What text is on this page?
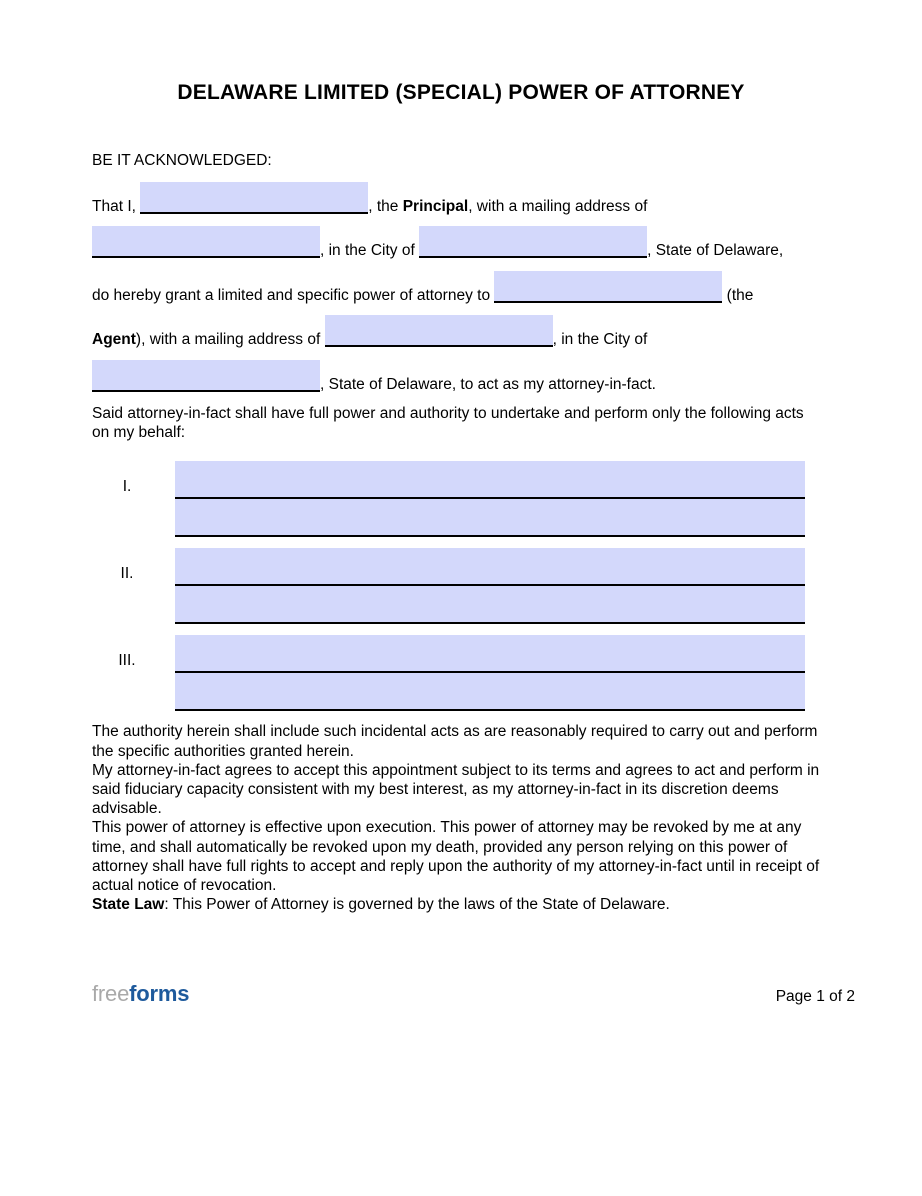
DELAWARE LIMITED (SPECIAL) POWER OF ATTORNEY
BE IT ACKNOWLEDGED:
That I,	, the Principal, with a mailing address of
, in the City of	, State of Delaware,
do hereby grant a limited and specific power of attorney to	(the
Agent), with a mailing address of	, in the City of
, State of Delaware, to act as my attorney-in-fact.

Said attorney-in-fact shall have full power and authority to undertake and perform only the following acts on my behalf:

I.
II.
III.

The authority herein shall include such incidental acts as are reasonably required to carry out and perform the specific authorities granted herein.

My attorney-in-fact agrees to accept this appointment subject to its terms and agrees to act and perform in said fiduciary capacity consistent with my best interest, as my attorney-in-fact in its discretion deems advisable.

This power of attorney is effective upon execution. This power of attorney may be revoked by me at any time, and shall automatically be revoked upon my death, provided any person relying on this power of attorney shall have full rights to accept and reply upon the authority of my attorney-in-fact until in receipt of actual notice of revocation.

State Law: This Power of Attorney is governed by the laws of the State of Delaware.

freeforms	Page 1 of 2
